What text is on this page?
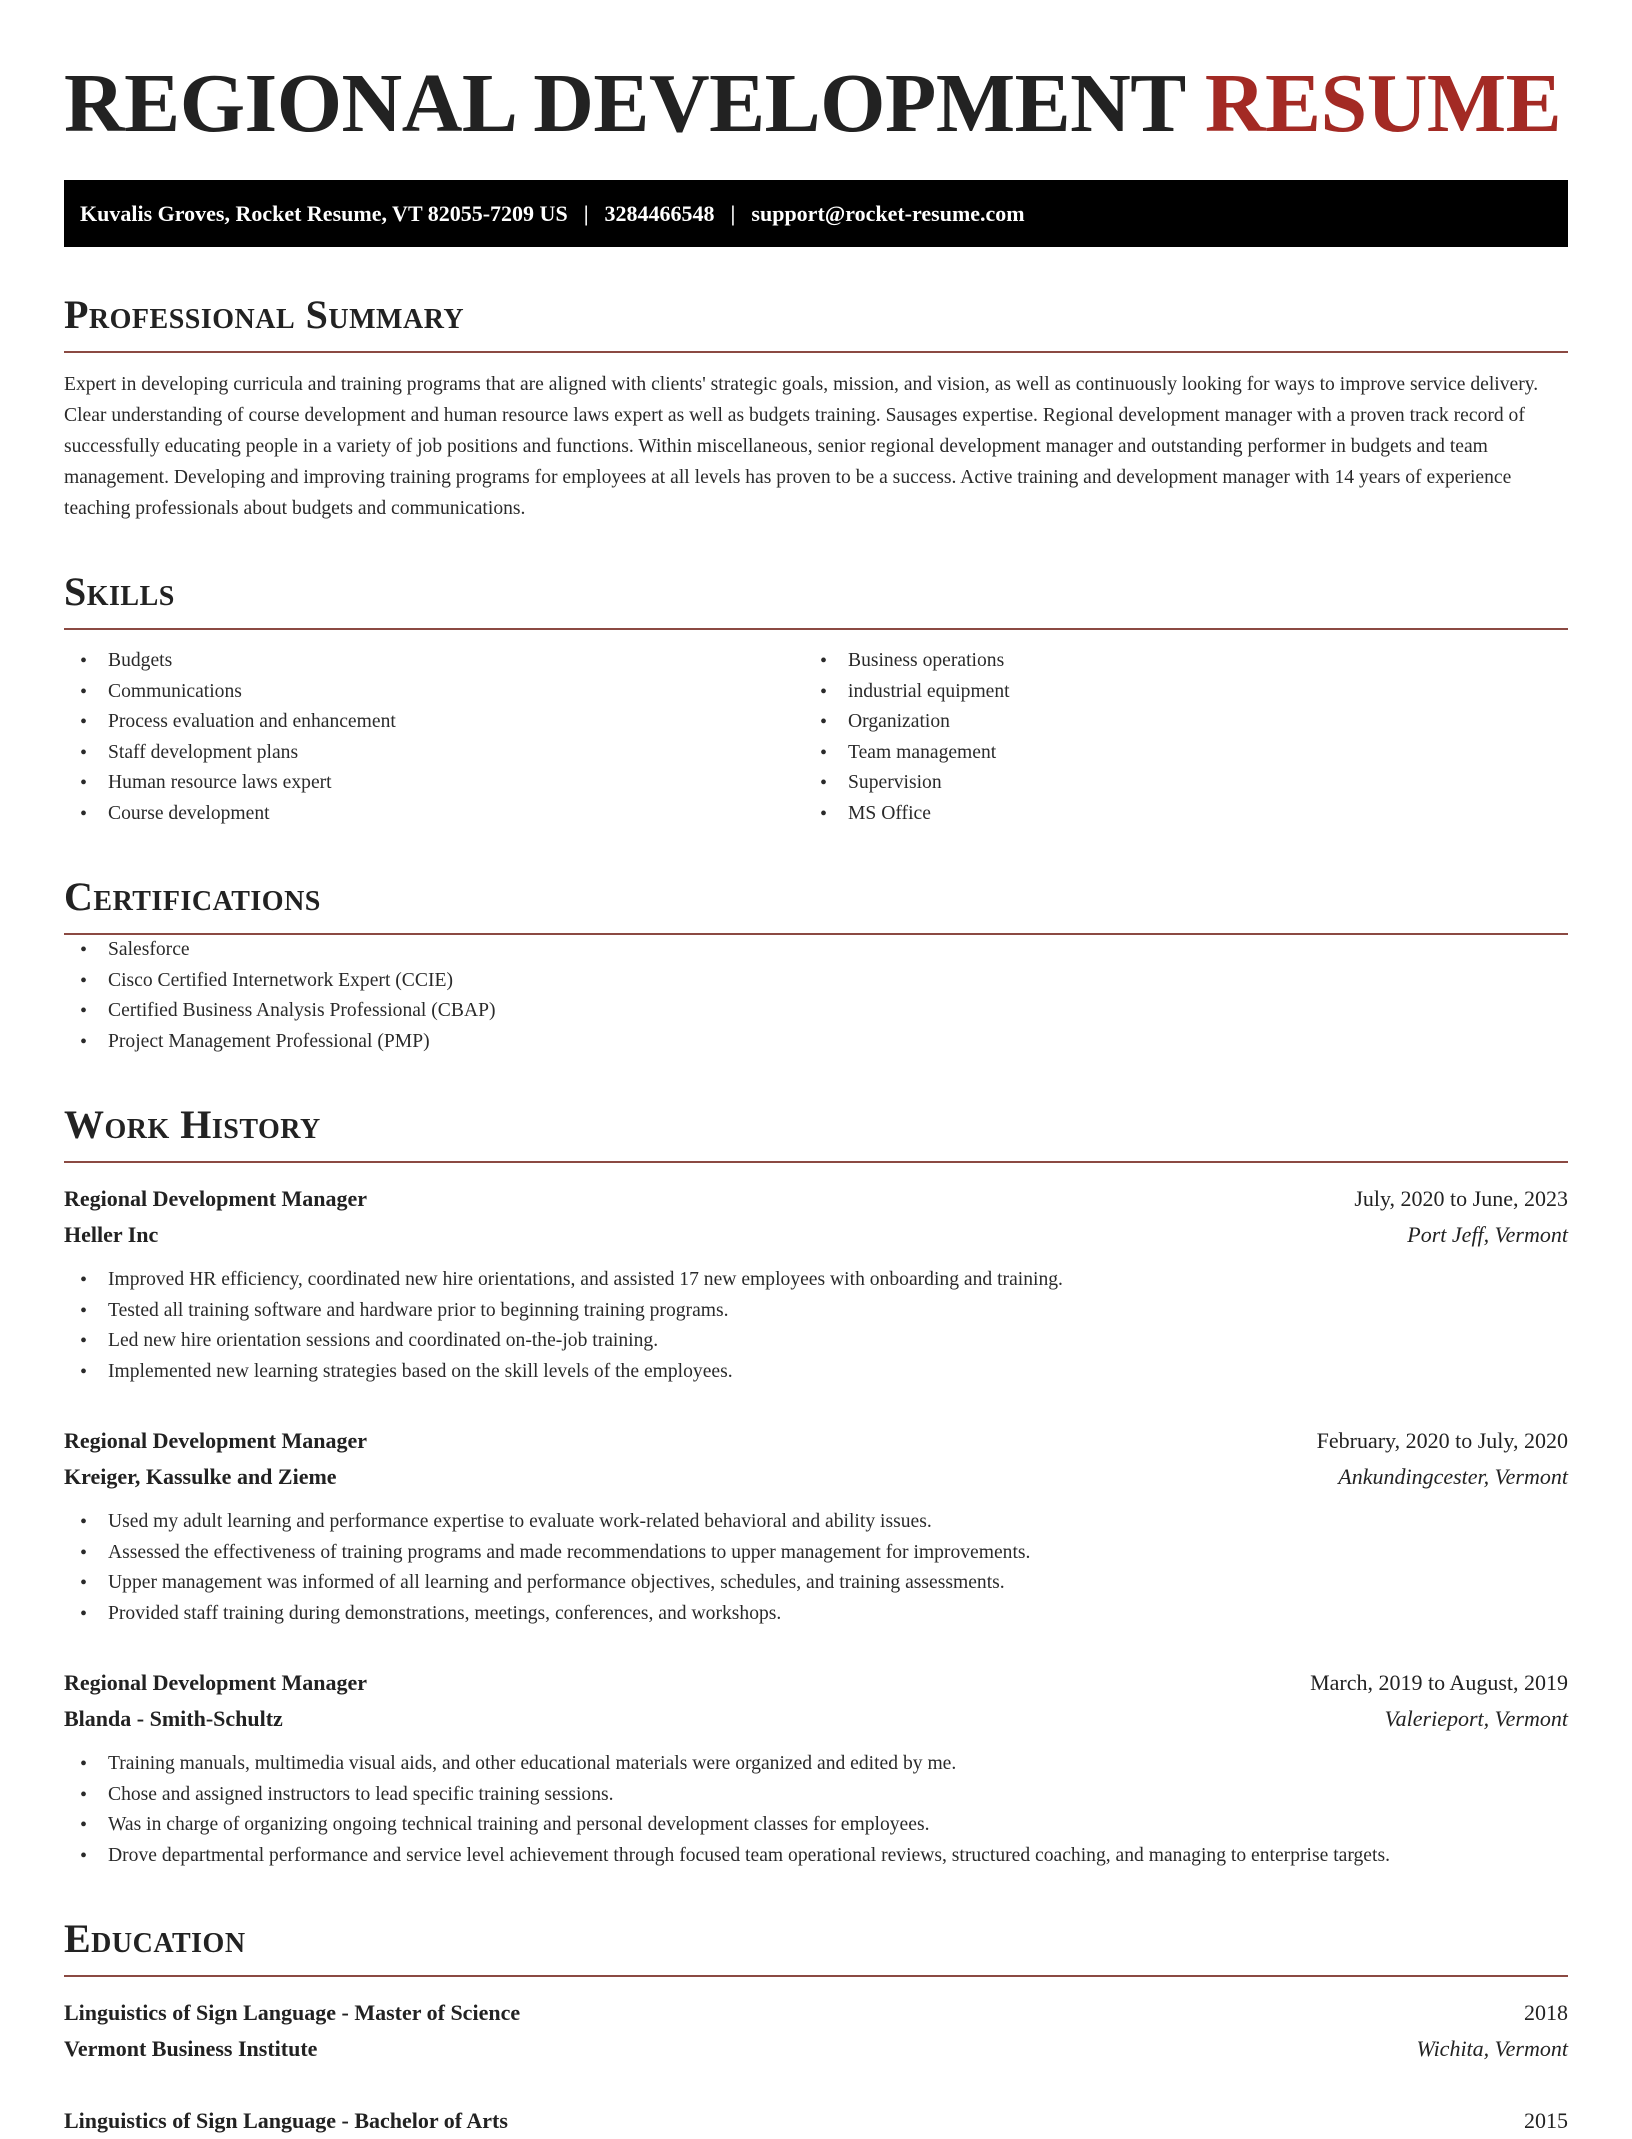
REGIONAL DEVELOPMENT RESUME
Kuvalis Groves, Rocket Resume, VT 82055-7209 US | 3284466548 | support@rocket-resume.com
Professional Summary

Expert in developing curricula and training programs that are aligned with clients' strategic goals, mission, and vision, as well as continuously looking for ways to improve service delivery. Clear understanding of course development and human resource laws expert as well as budgets training. Sausages expertise. Regional development manager with a proven track record of successfully educating people in a variety of job positions and functions. Within miscellaneous, senior regional development manager and outstanding performer in budgets and team management. Developing and improving training programs for employees at all levels has proven to be a success. Active training and development manager with 14 years of experience teaching professionals about budgets and communications.

Skills
• Budgets
• Communications
• Process evaluation and enhancement
• Staff development plans
• Human resource laws expert
• Course development
• Business operations
• industrial equipment
• Organization
• Team management
• Supervision
• MS Office
Certifications
• Salesforce
• Cisco Certified Internetwork Expert (CCIE)
• Certified Business Analysis Professional (CBAP)
• Project Management Professional (PMP)
Work History
Regional Development Manager	July, 2020 to June, 2023
Heller Inc	Port Jeff, Vermont
• Improved HR efficiency, coordinated new hire orientations, and assisted 17 new employees with onboarding and training.
• Tested all training software and hardware prior to beginning training programs.
• Led new hire orientation sessions and coordinated on-the-job training.
• Implemented new learning strategies based on the skill levels of the employees.
Regional Development Manager	February, 2020 to July, 2020
Kreiger, Kassulke and Zieme	Ankundingcester, Vermont
• Used my adult learning and performance expertise to evaluate work-related behavioral and ability issues.
• Assessed the effectiveness of training programs and made recommendations to upper management for improvements.
• Upper management was informed of all learning and performance objectives, schedules, and training assessments.
• Provided staff training during demonstrations, meetings, conferences, and workshops.
Regional Development Manager	March, 2019 to August, 2019
Blanda - Smith-Schultz	Valerieport, Vermont
• Training manuals, multimedia visual aids, and other educational materials were organized and edited by me.
• Chose and assigned instructors to lead specific training sessions.
• Was in charge of organizing ongoing technical training and personal development classes for employees.
• Drove departmental performance and service level achievement through focused team operational reviews, structured coaching, and managing to enterprise targets.
Education
Linguistics of Sign Language - Master of Science	2018
Vermont Business Institute	Wichita, Vermont
Linguistics of Sign Language - Bachelor of Arts	2015
